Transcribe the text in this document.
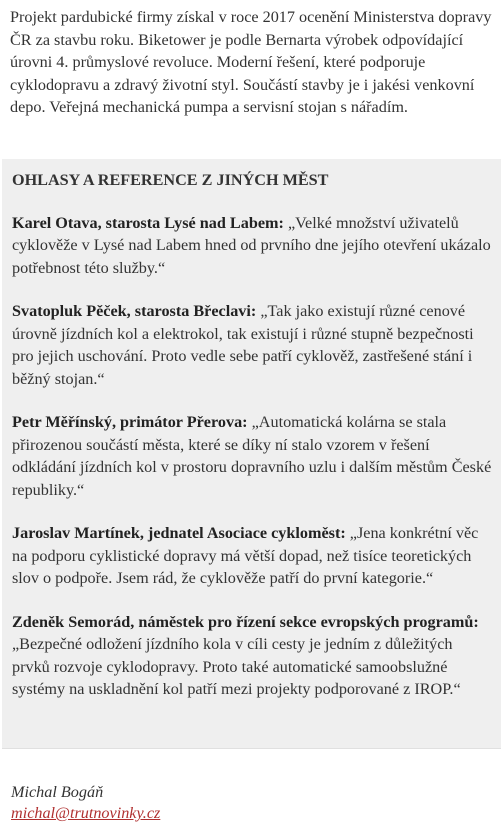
Projekt pardubické firmy získal v roce 2017 ocenění Ministerstva dopravy ČR za stavbu roku. Biketower je podle Bernarta výrobek odpovídající úrovni 4. průmyslové revoluce. Moderní řešení, které podporuje cyklodopravu a zdravý životní styl. Součástí stavby je i jakési venkovní depo. Veřejná mechanická pumpa a servisní stojan s nářadím.

OHLASY A REFERENCE Z JINÝCH MĚST

Karel Otava, starosta Lysé nad Labem: „Velké množství uživatelů cyklověže v Lysé nad Labem hned od prvního dne jejího otevření ukázalo potřebnost této služby.“

Svatopluk Pěček, starosta Břeclavi: „Tak jako existují různé cenové úrovně jízdních kol a elektrokol, tak existují i různé stupně bezpečnosti pro jejich uschování. Proto vedle sebe patří cyklověž, zastřešené stání i běžný stojan.“

Petr Měřínský, primátor Přerova: „Automatická kolárna se stala přirozenou součástí města, které se díky ní stalo vzorem v řešení odkládání jízdních kol v prostoru dopravního uzlu i dalším městům České republiky.“

Jaroslav Martínek, jednatel Asociace cykloměst: „Jena konkrétní věc na podporu cyklistické dopravy má větší dopad, než tisíce teoretických slov o podpoře. Jsem rád, že cyklověže patří do první kategorie.“

Zdeněk Semorád, náměstek pro řízení sekce evropských programů: „Bezpečné odložení jízdního kola v cíli cesty je jedním z důležitých prvků rozvoje cyklodopravy. Proto také automatické samoobslužné systémy na uskladnění kol patří mezi projekty podporované z IROP.“

Michal Bogáň
michal@trutnovinky.cz
